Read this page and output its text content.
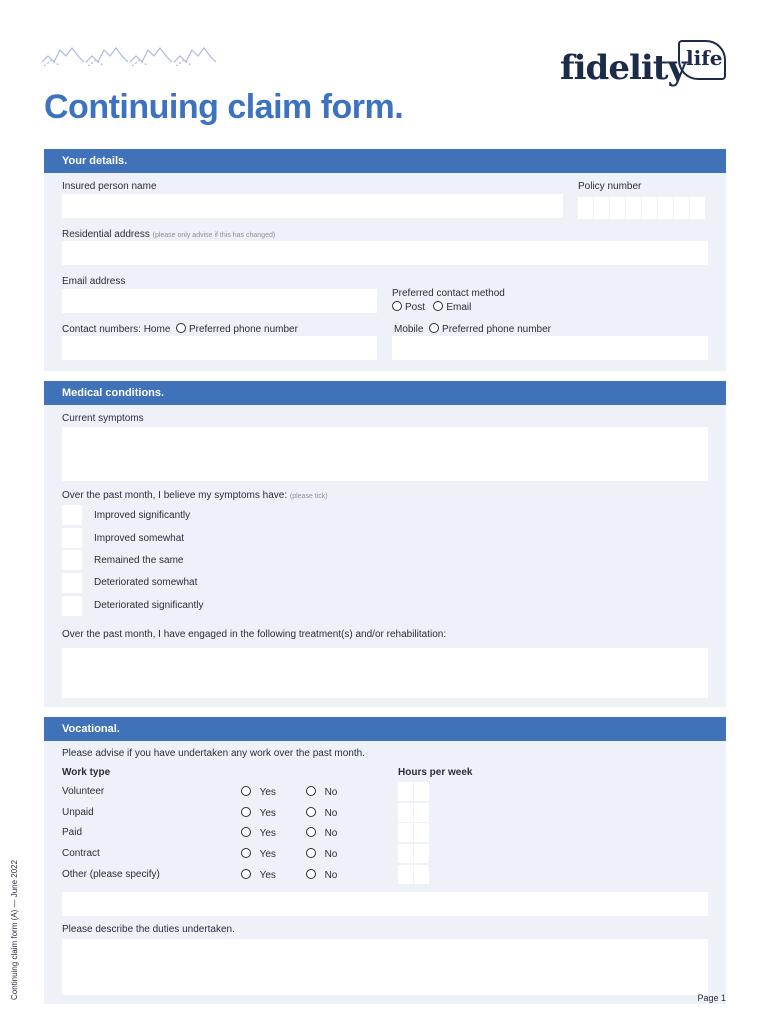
fidelity life
Continuing claim form.
Your details.
Insured person name	Policy number
Residential address (please only advise if this has changed)
Email address
Preferred contact method
Post Email
Contact numbers: Home Preferred phone number	Mobile Preferred phone number
Medical conditions.
Current symptoms
Over the past month, I believe my symptoms have: (please tick)
Improved significantly
Improved somewhat
Remained the same
Deteriorated somewhat
Deteriorated significantly
Over the past month, I have engaged in the following treatment(s) and/or rehabilitation:
Vocational.
Please advise if you have undertaken any work over the past month.
Work type	Hours per week
Volunteer	Yes	No
Unpaid	Yes	No
Paid	Yes	No
Contract	Yes	No
Other (please specify)	Yes	No
Please describe the duties undertaken.
Continuing claim form (A) — June 2022	Page 1
